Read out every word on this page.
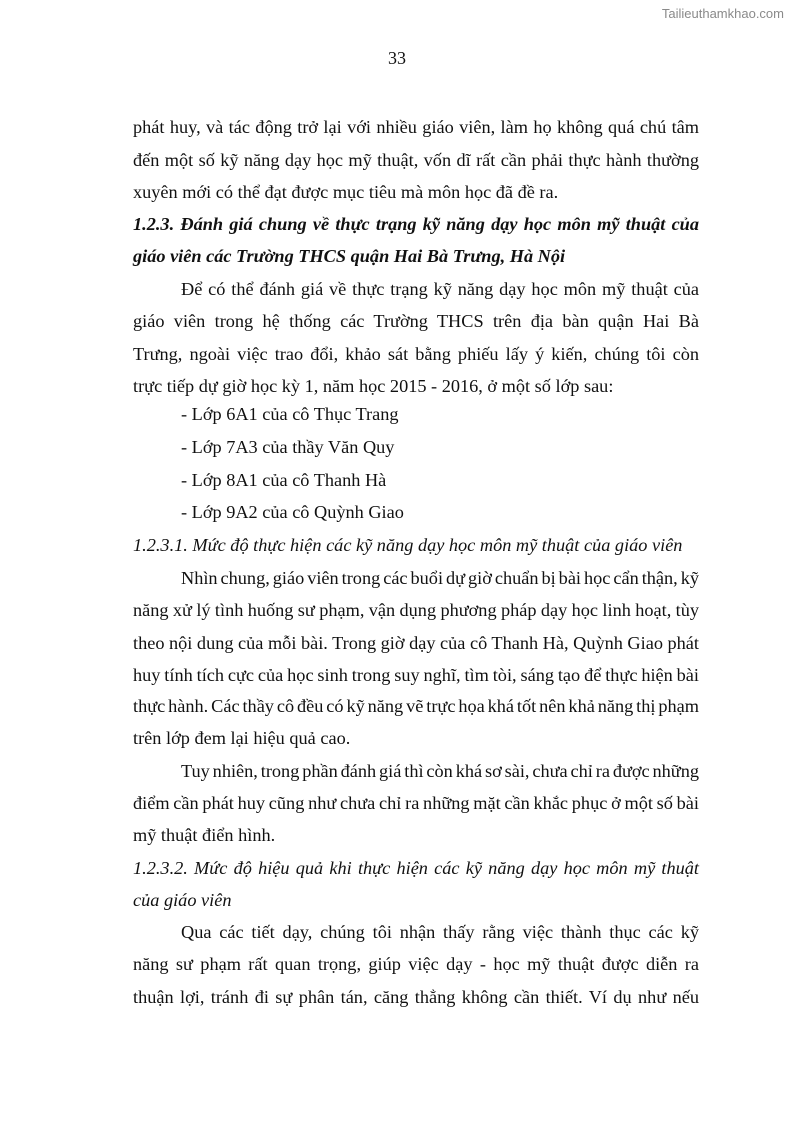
Tailieuthamkhao.com
33
phát huy, và tác động trở lại với nhiều giáo viên, làm họ không quá chú tâm
đến một số kỹ năng dạy học mỹ thuật, vốn dĩ rất cần phải thực hành thường
xuyên mới có thể đạt được mục tiêu mà môn học đã đề ra.
1.2.3. Đánh giá chung về thực trạng kỹ năng dạy học môn mỹ thuật của
giáo viên các Trường THCS quận Hai Bà Trưng, Hà Nội
Để có thể đánh giá về thực trạng kỹ năng dạy học môn mỹ thuật của
giáo viên trong hệ thống các Trường THCS trên địa bàn quận Hai Bà
Trưng, ngoài việc trao đổi, khảo sát bằng phiếu lấy ý kiến, chúng tôi còn
trực tiếp dự giờ học kỳ 1, năm học 2015 - 2016, ở một số lớp sau:
- Lớp 6A1 của cô Thục Trang
- Lớp 7A3 của thầy Văn Quy
- Lớp 8A1 của cô Thanh Hà
- Lớp 9A2 của cô Quỳnh Giao
1.2.3.1. Mức độ thực hiện các kỹ năng dạy học môn mỹ thuật của giáo viên
Nhìn chung, giáo viên trong các buổi dự giờ chuẩn bị bài học cẩn thận, kỹ
năng xử lý tình huống sư phạm, vận dụng phương pháp dạy học linh hoạt, tùy
theo nội dung của mỗi bài. Trong giờ dạy của cô Thanh Hà, Quỳnh Giao phát
huy tính tích cực của học sinh trong suy nghĩ, tìm tòi, sáng tạo để thực hiện bài
thực hành. Các thầy cô đều có kỹ năng vẽ trực họa khá tốt nên khả năng thị phạm
trên lớp đem lại hiệu quả cao.
Tuy nhiên, trong phần đánh giá thì còn khá sơ sài, chưa chỉ ra được những
điểm cần phát huy cũng như chưa chỉ ra những mặt cần khắc phục ở một số bài
mỹ thuật điển hình.
1.2.3.2. Mức độ hiệu quả khi thực hiện các kỹ năng dạy học môn mỹ thuật
của giáo viên
Qua các tiết dạy, chúng tôi nhận thấy rằng việc thành thục các kỹ
năng sư phạm rất quan trọng, giúp việc dạy - học mỹ thuật được diễn ra
thuận lợi, tránh đi sự phân tán, căng thẳng không cần thiết. Ví dụ như nếu
